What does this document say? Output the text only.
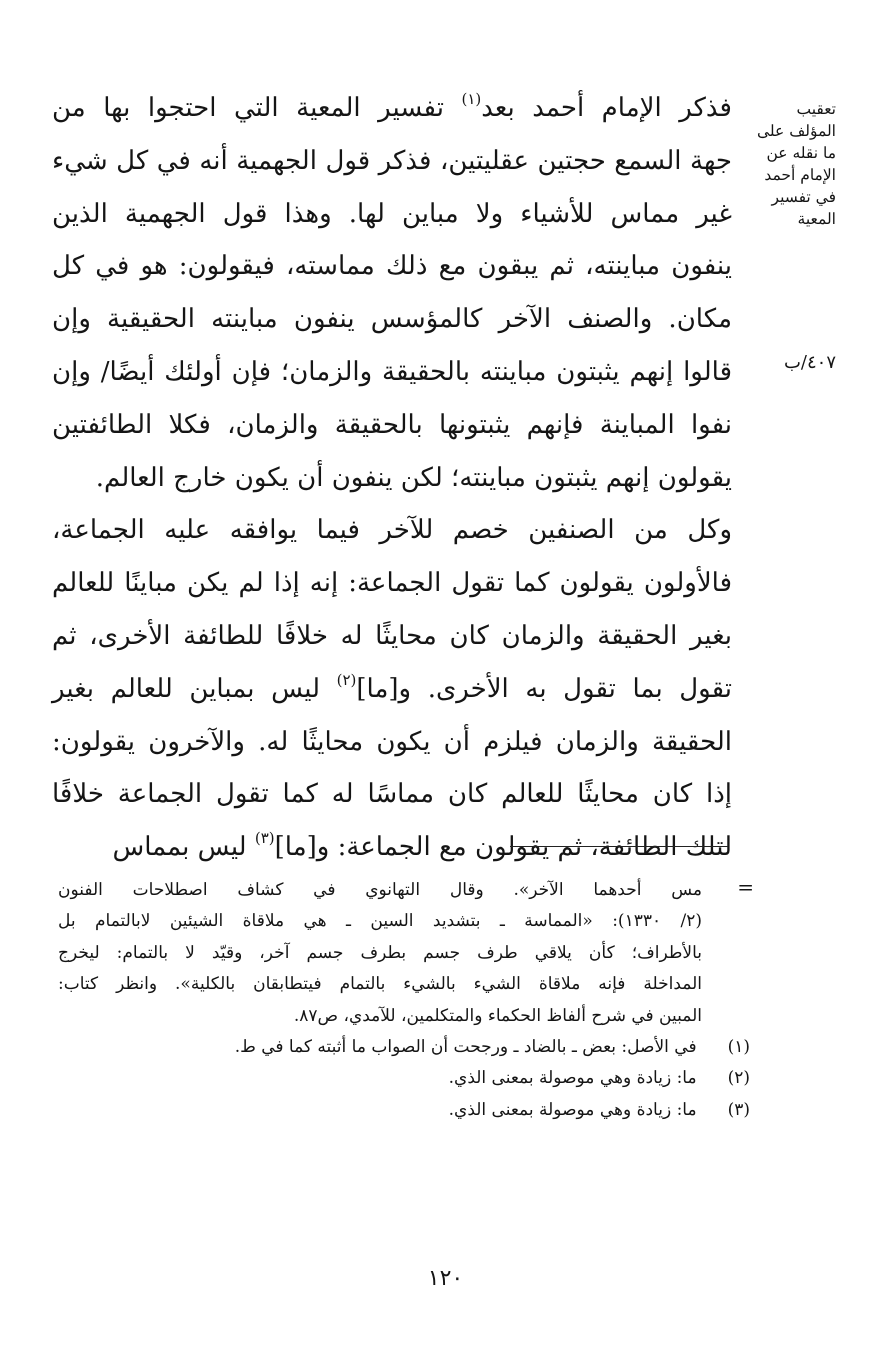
تعقيب
المؤلف على
ما نقله عن
الإمام أحمد
في تفسير
المعية
٤٠٧/ب
فذكر الإمام أحمد بعد$^{(١)}$ تفسير المعية التي احتجوا بها من
جهة السمع حجتين عقليتين، فذكر قول الجهمية أنه في كل شيء
غير مماس للأشياء ولا مباين لها. وهذا قول الجهمية الذين
ينفون مباينته، ثم يبقون مع ذلك مماسته، فيقولون: هو في كل
مكان. والصنف الآخر كالمؤسس ينفون مباينته الحقيقية وإن
قالوا إنهم يثبتون مباينته بالحقيقة والزمان؛ فإن أولئك أيضًا/ وإن
نفوا المباينة فإنهم يثبتونها بالحقيقة والزمان، فكلا الطائفتين
يقولون إنهم يثبتون مباينته؛ لكن ينفون أن يكون خارج العالم.
وكل من الصنفين خصم للآخر فيما يوافقه عليه الجماعة،
فالأولون يقولون كما تقول الجماعة: إنه إذا لم يكن مباينًا للعالم
بغير الحقيقة والزمان كان محايثًا له خلافًا للطائفة الأخرى، ثم
تقول بما تقول به الأخرى. و[ما]$^{(٢)}$ ليس بمباين للعالم بغير
الحقيقة والزمان فيلزم أن يكون محايثًا له. والآخرون يقولون:
إذا كان محايثًا للعالم كان مماسًا له كما تقول الجماعة خلافًا
لتلك الطائفة، ثم يقولون مع الجماعة: و[ما]$^{(٣)}$ ليس بمماس
=
مس أحدهما الآخر». وقال التهانوي في كشاف اصطلاحات الفنون
(٢/ ١٣٣٠): «المماسة ـ بتشديد السين ـ هي ملاقاة الشيئين لابالتمام بل
بالأطراف؛ كأن يلاقي طرف جسم بطرف جسم آخر، وقيّد لا بالتمام: ليخرج
المداخلة فإنه ملاقاة الشيء بالشيء بالتمام فيتطابقان بالكلية». وانظر كتاب:
المبين في شرح ألفاظ الحكماء والمتكلمين، للآمدي، ص٨٧.
(١) في الأصل: بعض ـ بالضاد ـ ورجحت أن الصواب ما أثبته كما في ط.
(٢) ما: زيادة وهي موصولة بمعنى الذي.
(٣) ما: زيادة وهي موصولة بمعنى الذي.
١٢٠
